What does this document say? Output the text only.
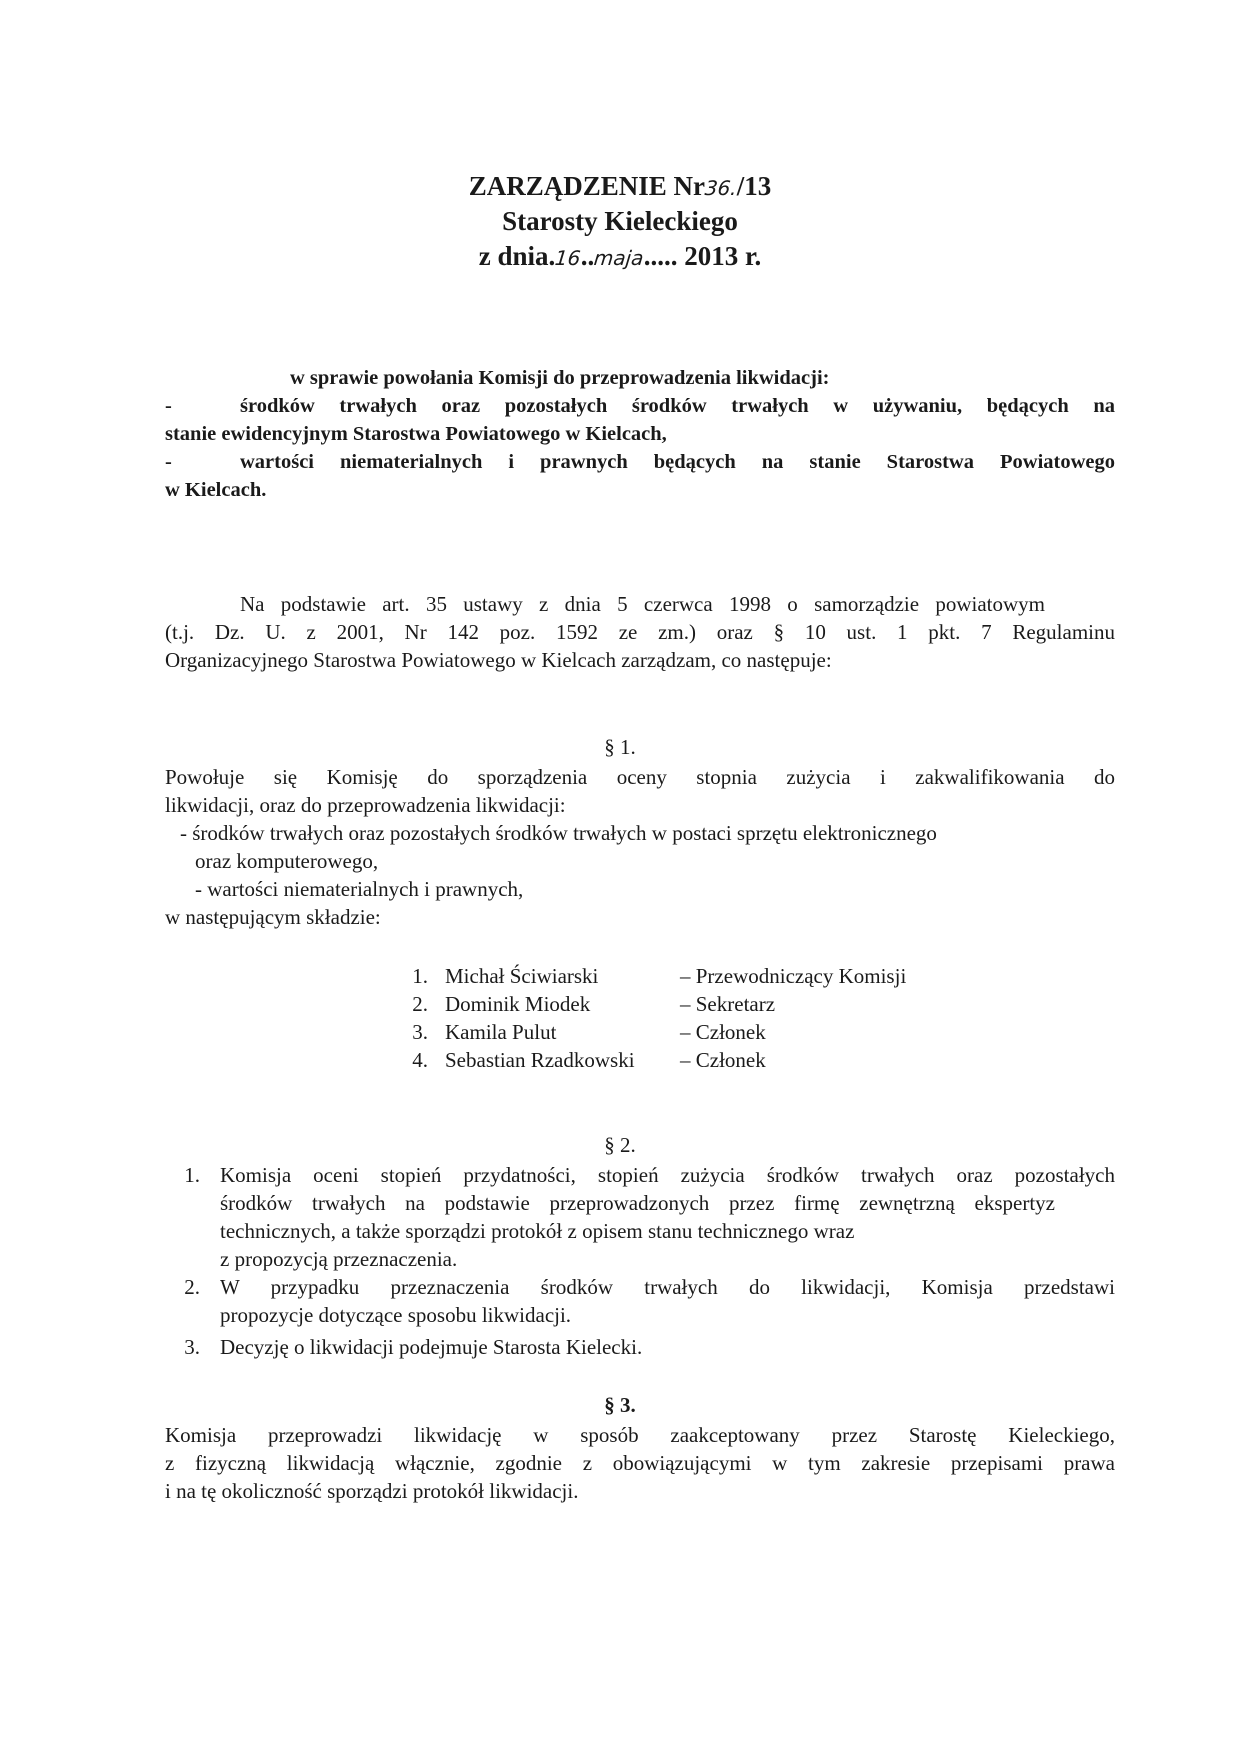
ZARZĄDZENIE Nr36./13
Starosty Kieleckiego
z dnia.16..maja..... 2013 r.

w sprawie powołania Komisji do przeprowadzenia likwidacji:

-	środków trwałych oraz pozostałych środków trwałych w używaniu, będących na

stanie ewidencyjnym Starostwa Powiatowego w Kielcach,

-	wartości niematerialnych i prawnych będących na stanie Starostwa Powiatowego

w Kielcach.

Na podstawie art. 35 ustawy z dnia 5 czerwca 1998 o samorządzie powiatowym

(t.j. Dz. U. z 2001, Nr 142 poz. 1592 ze zm.) oraz § 10 ust. 1 pkt. 7 Regulaminu

Organizacyjnego Starostwa Powiatowego w Kielcach zarządzam, co następuje:

§ 1.

Powołuje się Komisję do sporządzenia oceny stopnia zużycia i zakwalifikowania do

likwidacji, oraz do przeprowadzenia likwidacji:

- środków trwałych oraz pozostałych środków trwałych w postaci sprzętu elektronicznego

oraz komputerowego,

- wartości niematerialnych i prawnych,

w następującym składzie:

1. Michał Ściwiarski	– Przewodniczący Komisji
2. Dominik Miodek	– Sekretarz
3. Kamila Pulut	– Członek
4. Sebastian Rzadkowski – Członek
§ 2.
1. Komisja oceni stopień przydatności, stopień zużycia środków trwałych oraz pozostałych

środków trwałych na podstawie przeprowadzonych przez firmę zewnętrzną ekspertyz

technicznych, a także sporządzi protokół z opisem stanu technicznego wraz

z propozycją przeznaczenia.

2. W przypadku przeznaczenia środków trwałych do likwidacji, Komisja przedstawi

propozycje dotyczące sposobu likwidacji.

3. Decyzję o likwidacji podejmuje Starosta Kielecki.

§ 3.

Komisja przeprowadzi likwidację w sposób zaakceptowany przez Starostę Kieleckiego,

z fizyczną likwidacją włącznie, zgodnie z obowiązującymi w tym zakresie przepisami prawa

i na tę okoliczność sporządzi protokół likwidacji.
